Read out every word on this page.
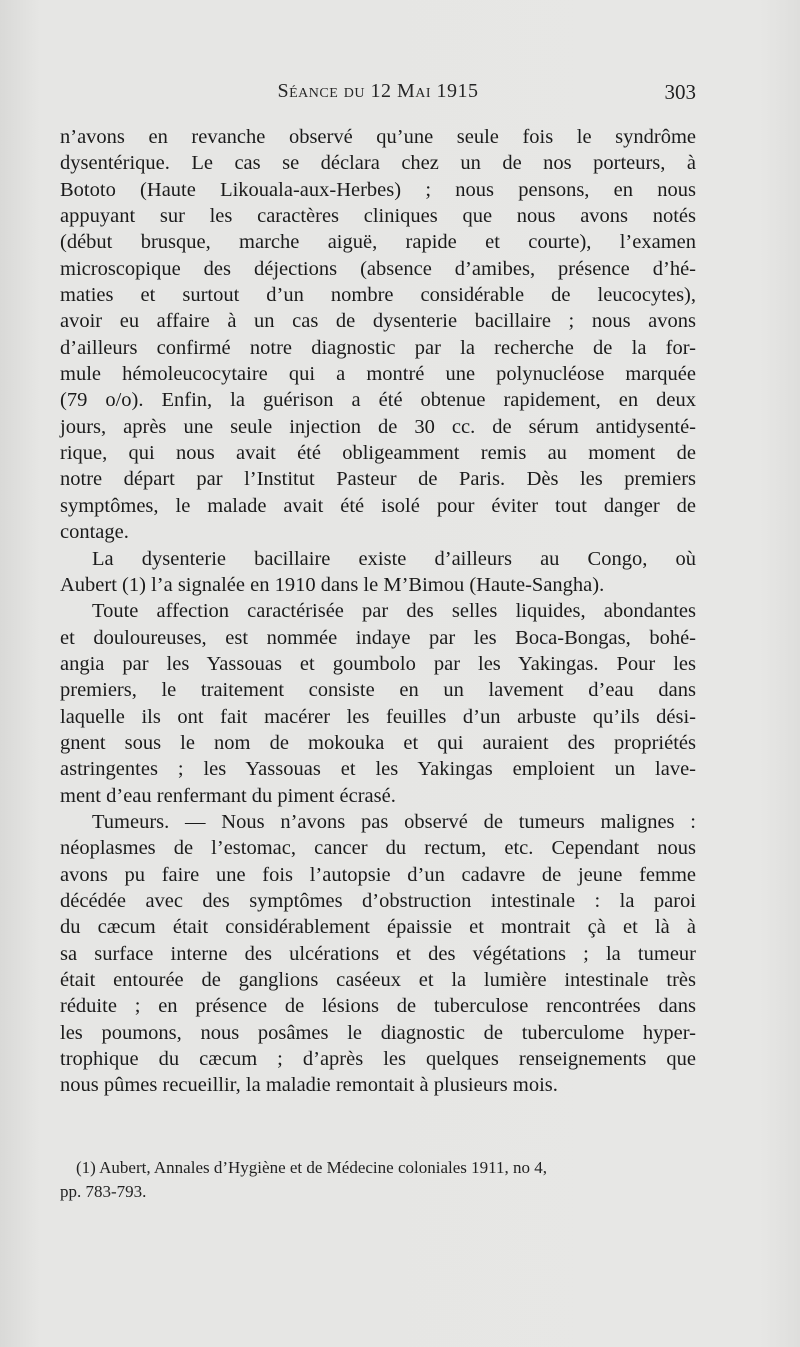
Séance du 12 Mai 1915	303
n’avons en revanche observé qu’une seule fois le syndrôme
dysentérique. Le cas se déclara chez un de nos porteurs, à
Bototo (Haute Likouala-aux-Herbes) ; nous pensons, en nous
appuyant sur les caractères cliniques que nous avons notés
(début brusque, marche aiguë, rapide et courte), l’examen
microscopique des déjections (absence d’amibes, présence d’hé-
maties et surtout d’un nombre considérable de leucocytes),
avoir eu affaire à un cas de dysenterie bacillaire ; nous avons
d’ailleurs confirmé notre diagnostic par la recherche de la for-
mule hémoleucocytaire qui a montré une polynucléose marquée
(79 o/o). Enfin, la guérison a été obtenue rapidement, en deux
jours, après une seule injection de 30 cc. de sérum antidysenté-
rique, qui nous avait été obligeamment remis au moment de
notre départ par l’Institut Pasteur de Paris. Dès les premiers
symptômes, le malade avait été isolé pour éviter tout danger de
contage.
La dysenterie bacillaire existe d’ailleurs au Congo, où
Aubert (1) l’a signalée en 1910 dans le M’Bimou (Haute-Sangha).
Toute affection caractérisée par des selles liquides, abondantes
et douloureuses, est nommée indaye par les Boca-Bongas, bohé-
angia par les Yassouas et goumbolo par les Yakingas. Pour les
premiers, le traitement consiste en un lavement d’eau dans
laquelle ils ont fait macérer les feuilles d’un arbuste qu’ils dési-
gnent sous le nom de mokouka et qui auraient des propriétés
astringentes ; les Yassouas et les Yakingas emploient un lave-
ment d’eau renfermant du piment écrasé.
Tumeurs. — Nous n’avons pas observé de tumeurs malignes :
néoplasmes de l’estomac, cancer du rectum, etc. Cependant nous
avons pu faire une fois l’autopsie d’un cadavre de jeune femme
décédée avec des symptômes d’obstruction intestinale : la paroi
du cæcum était considérablement épaissie et montrait çà et là à
sa surface interne des ulcérations et des végétations ; la tumeur
était entourée de ganglions caséeux et la lumière intestinale très
réduite ; en présence de lésions de tuberculose rencontrées dans
les poumons, nous posâmes le diagnostic de tuberculome hyper-
trophique du cæcum ; d’après les quelques renseignements que
nous pûmes recueillir, la maladie remontait à plusieurs mois.
(1) Aubert, Annales d’Hygiène et de Médecine coloniales 1911, no 4,
pp. 783-793.
